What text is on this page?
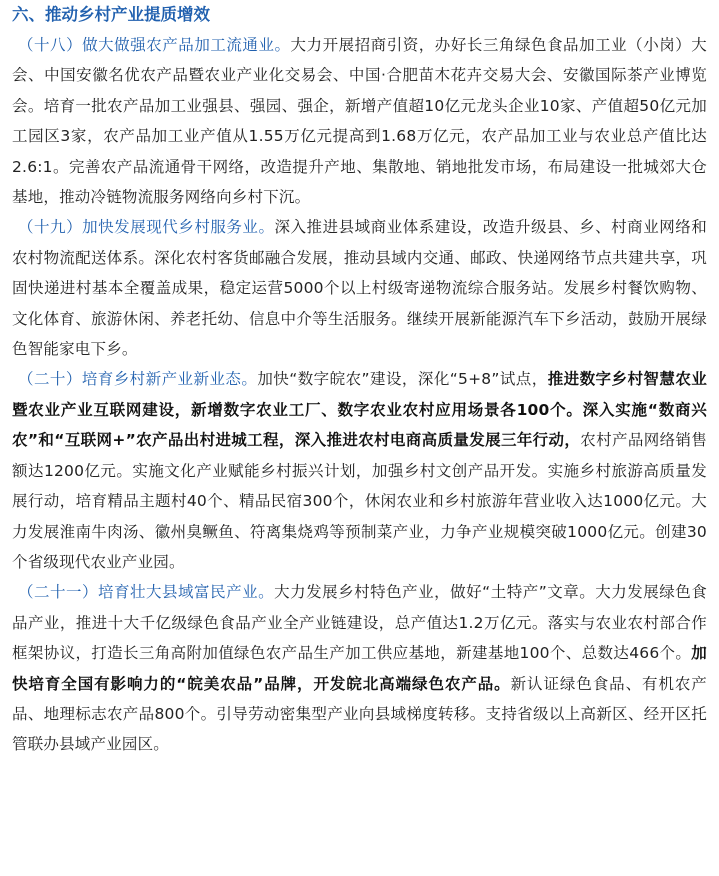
六、推动乡村产业提质增效

（十八）做大做强农产品加工流通业。大力开展招商引资，办好长三角绿色食品加工业（小岗）大会、中国安徽名优农产品暨农业产业化交易会、中国·合肥苗木花卉交易大会、安徽国际茶产业博览会。培育一批农产品加工业强县、强园、强企，新增产值超10亿元龙头企业10家、产值超50亿元加工园区3家，农产品加工业产值从1.55万亿元提高到1.68万亿元，农产品加工业与农业总产值比达2.6:1。完善农产品流通骨干网络，改造提升产地、集散地、销地批发市场，布局建设一批城郊大仓基地，推动冷链物流服务网络向乡村下沉。

（十九）加快发展现代乡村服务业。深入推进县域商业体系建设，改造升级县、乡、村商业网络和农村物流配送体系。深化农村客货邮融合发展，推动县域内交通、邮政、快递网络节点共建共享，巩固快递进村基本全覆盖成果，稳定运营5000个以上村级寄递物流综合服务站。发展乡村餐饮购物、文化体育、旅游休闲、养老托幼、信息中介等生活服务。继续开展新能源汽车下乡活动，鼓励开展绿色智能家电下乡。

（二十）培育乡村新产业新业态。加快“数字皖农”建设，深化“5+8”试点，推进数字乡村智慧农业暨农业产业互联网建设，新增数字农业工厂、数字农业农村应用场景各100个。深入实施“数商兴农”和“互联网+”农产品出村进城工程，深入推进农村电商高质量发展三年行动，农村产品网络销售额达1200亿元。实施文化产业赋能乡村振兴计划，加强乡村文创产品开发。实施乡村旅游高质量发展行动，培育精品主题村40个、精品民宿300个，休闲农业和乡村旅游年营业收入达1000亿元。大力发展淮南牛肉汤、徽州臭鳜鱼、符离集烧鸡等预制菜产业，力争产业规模突破1000亿元。创建30个省级现代农业产业园。

（二十一）培育壮大县域富民产业。大力发展乡村特色产业，做好“土特产”文章。大力发展绿色食品产业，推进十大千亿级绿色食品产业全产业链建设，总产值达1.2万亿元。落实与农业农村部合作框架协议，打造长三角高附加值绿色农产品生产加工供应基地，新建基地100个、总数达466个。加快培育全国有影响力的“皖美农品”品牌，开发皖北高端绿色农产品。新认证绿色食品、有机农产品、地理标志农产品800个。引导劳动密集型产业向县域梯度转移。支持省级以上高新区、经开区托管联办县域产业园区。
